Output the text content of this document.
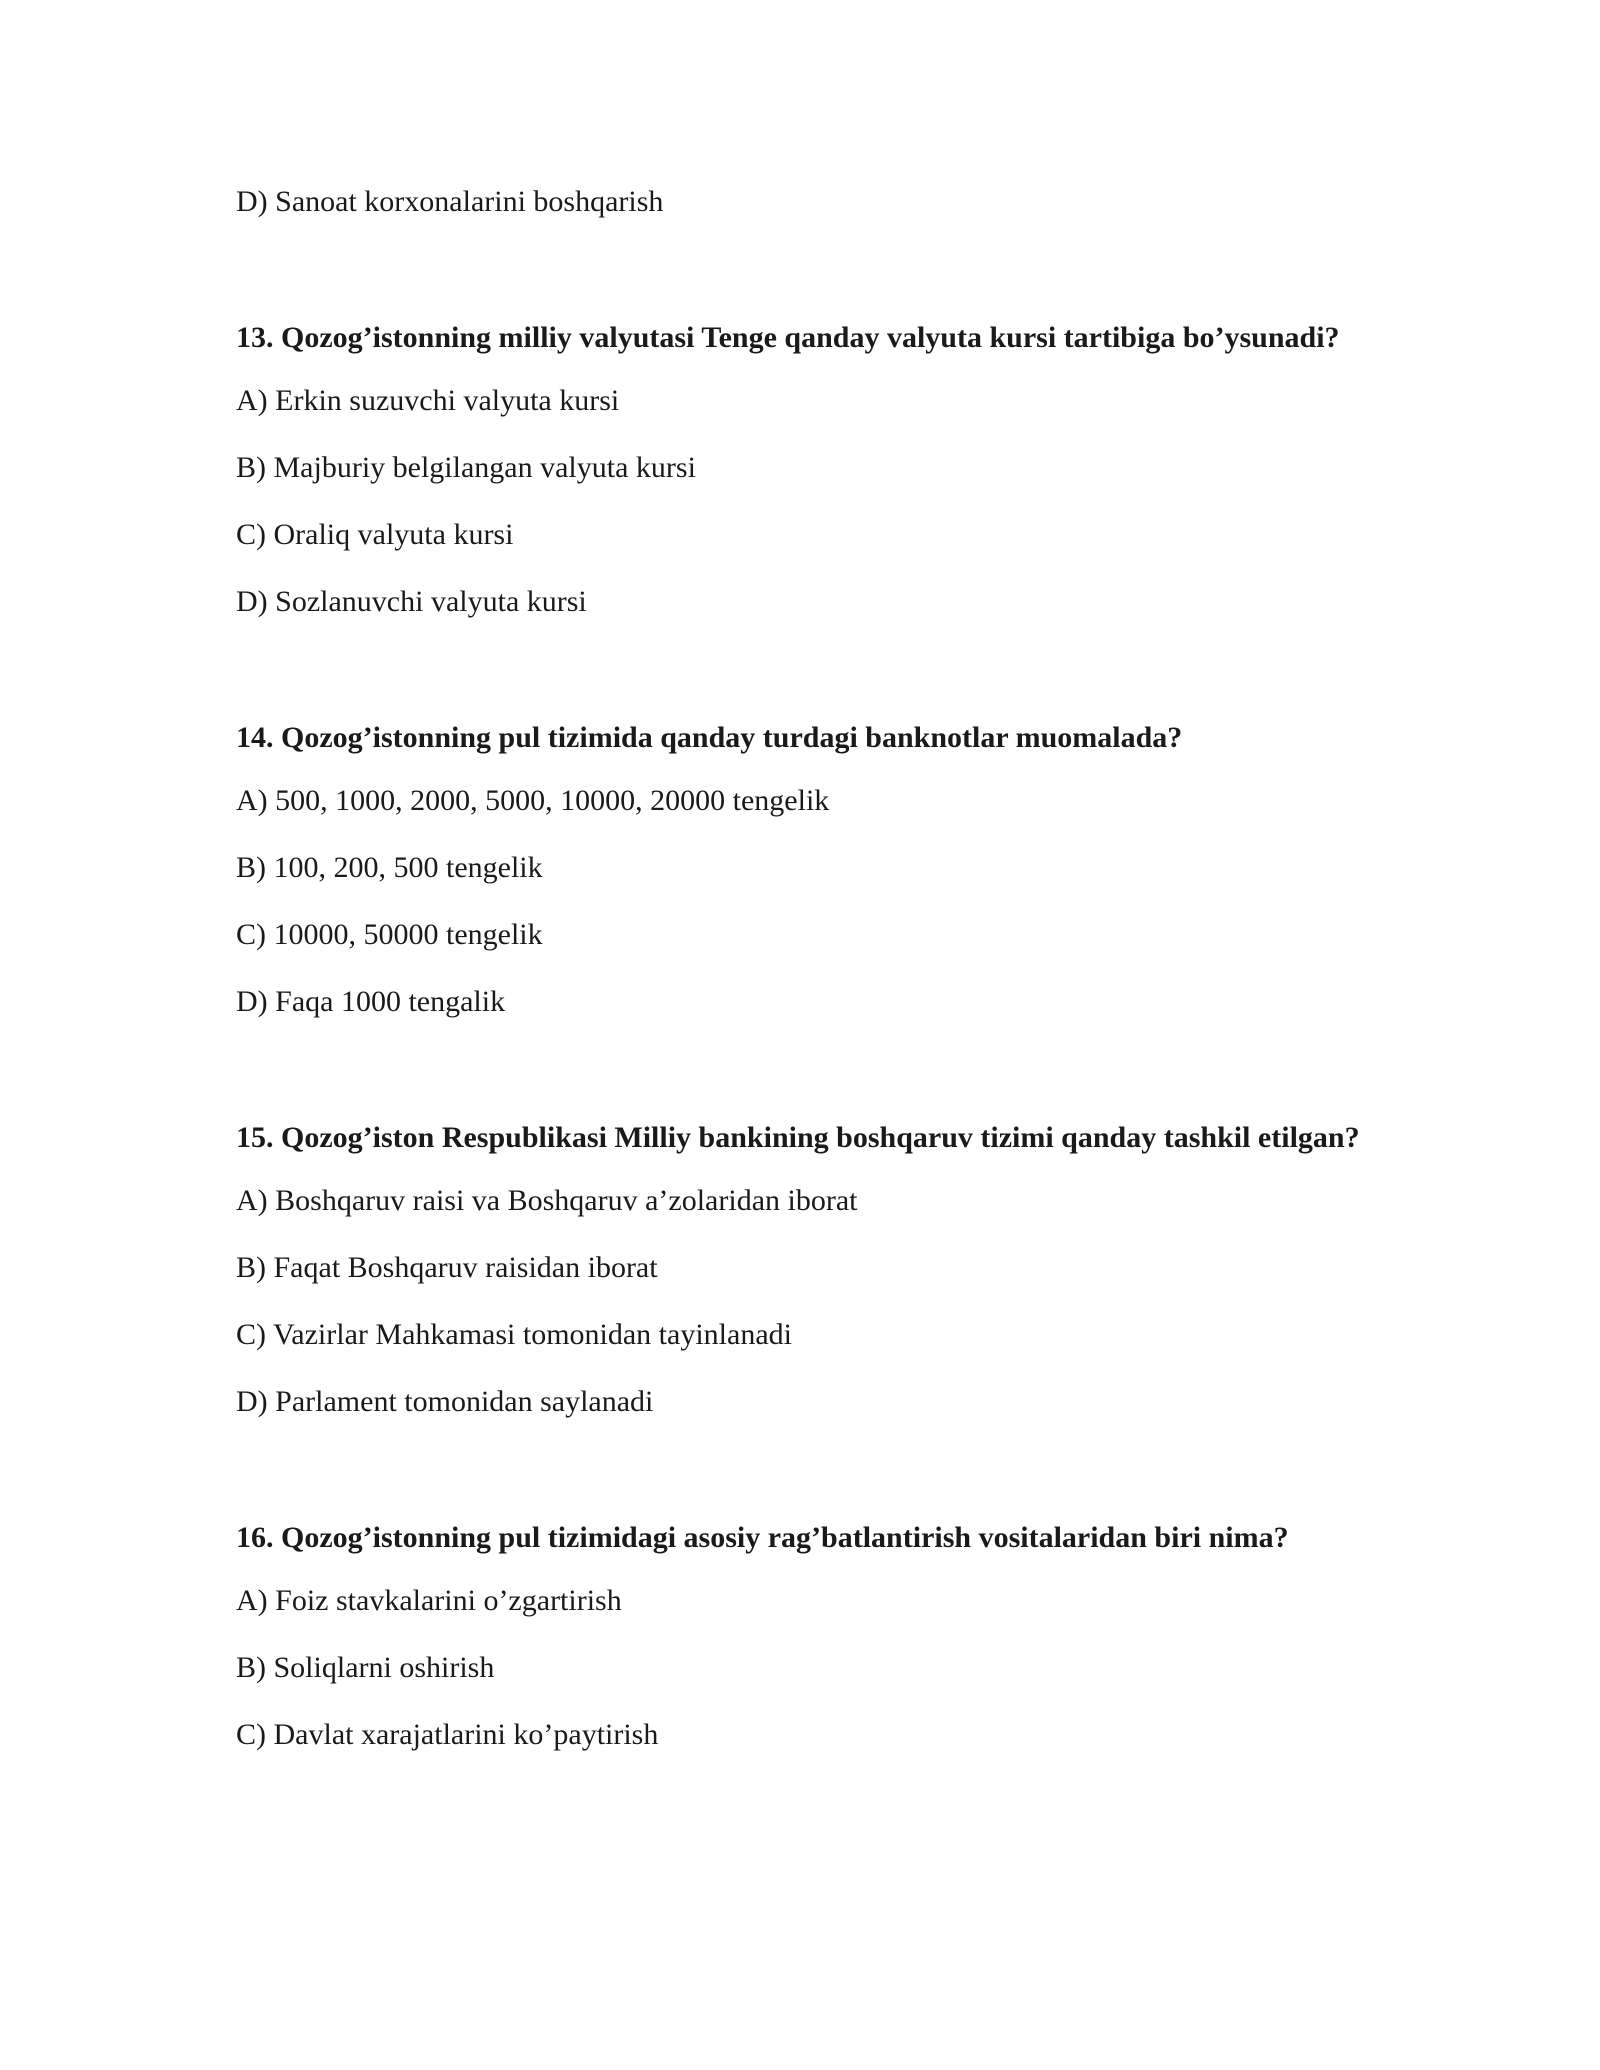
D) Sanoat korxonalarini boshqarish
13. Qozog’istonning milliy valyutasi Tenge qanday valyuta kursi tartibiga bo’ysunadi?
A) Erkin suzuvchi valyuta kursi
B) Majburiy belgilangan valyuta kursi
C) Oraliq valyuta kursi
D) Sozlanuvchi valyuta kursi
14. Qozog’istonning pul tizimida qanday turdagi banknotlar muomalada?
A) 500, 1000, 2000, 5000, 10000, 20000 tengelik
B) 100, 200, 500 tengelik
C) 10000, 50000 tengelik
D) Faqa 1000 tengalik
15. Qozog’iston Respublikasi Milliy bankining boshqaruv tizimi qanday tashkil etilgan?
A) Boshqaruv raisi va Boshqaruv a’zolaridan iborat
B) Faqat Boshqaruv raisidan iborat
C) Vazirlar Mahkamasi tomonidan tayinlanadi
D) Parlament tomonidan saylanadi
16. Qozog’istonning pul tizimidagi asosiy rag’batlantirish vositalaridan biri nima?
A) Foiz stavkalarini o’zgartirish
B) Soliqlarni oshirish
C) Davlat xarajatlarini ko’paytirish
